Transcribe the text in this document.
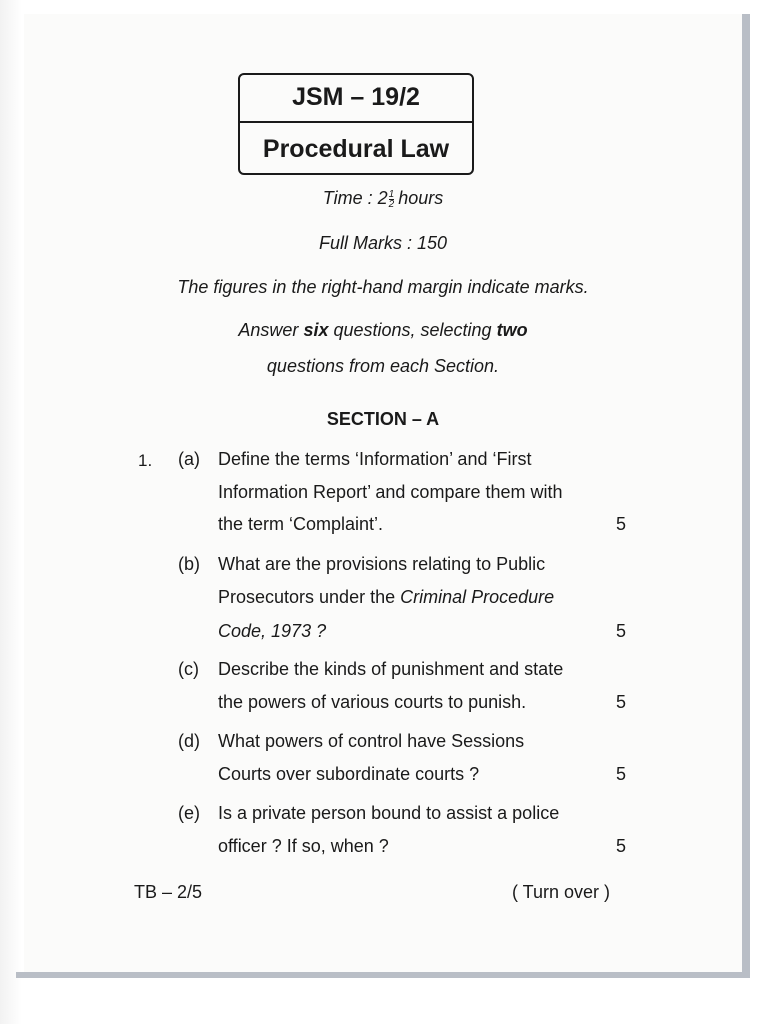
JSM – 19/2
Procedural Law
Time : $2 \frac{1}{2}$ hours
Full Marks : 150
The figures in the right-hand margin indicate marks.
Answer six questions, selecting two
questions from each Section.
SECTION – A
1. (a) Define the terms ‘Information’ and ‘First
Information Report’ and compare them with
the term ‘Complaint’.	5
(b) What are the provisions relating to Public
Prosecutors under the Criminal Procedure
Code, 1973 ?	5
(c) Describe the kinds of punishment and state
the powers of various courts to punish.	5
(d) What powers of control have Sessions
Courts over subordinate courts ?	5
(e) Is a private person bound to assist a police
officer ? If so, when ?	5
TB – 2/5	( Turn over )
